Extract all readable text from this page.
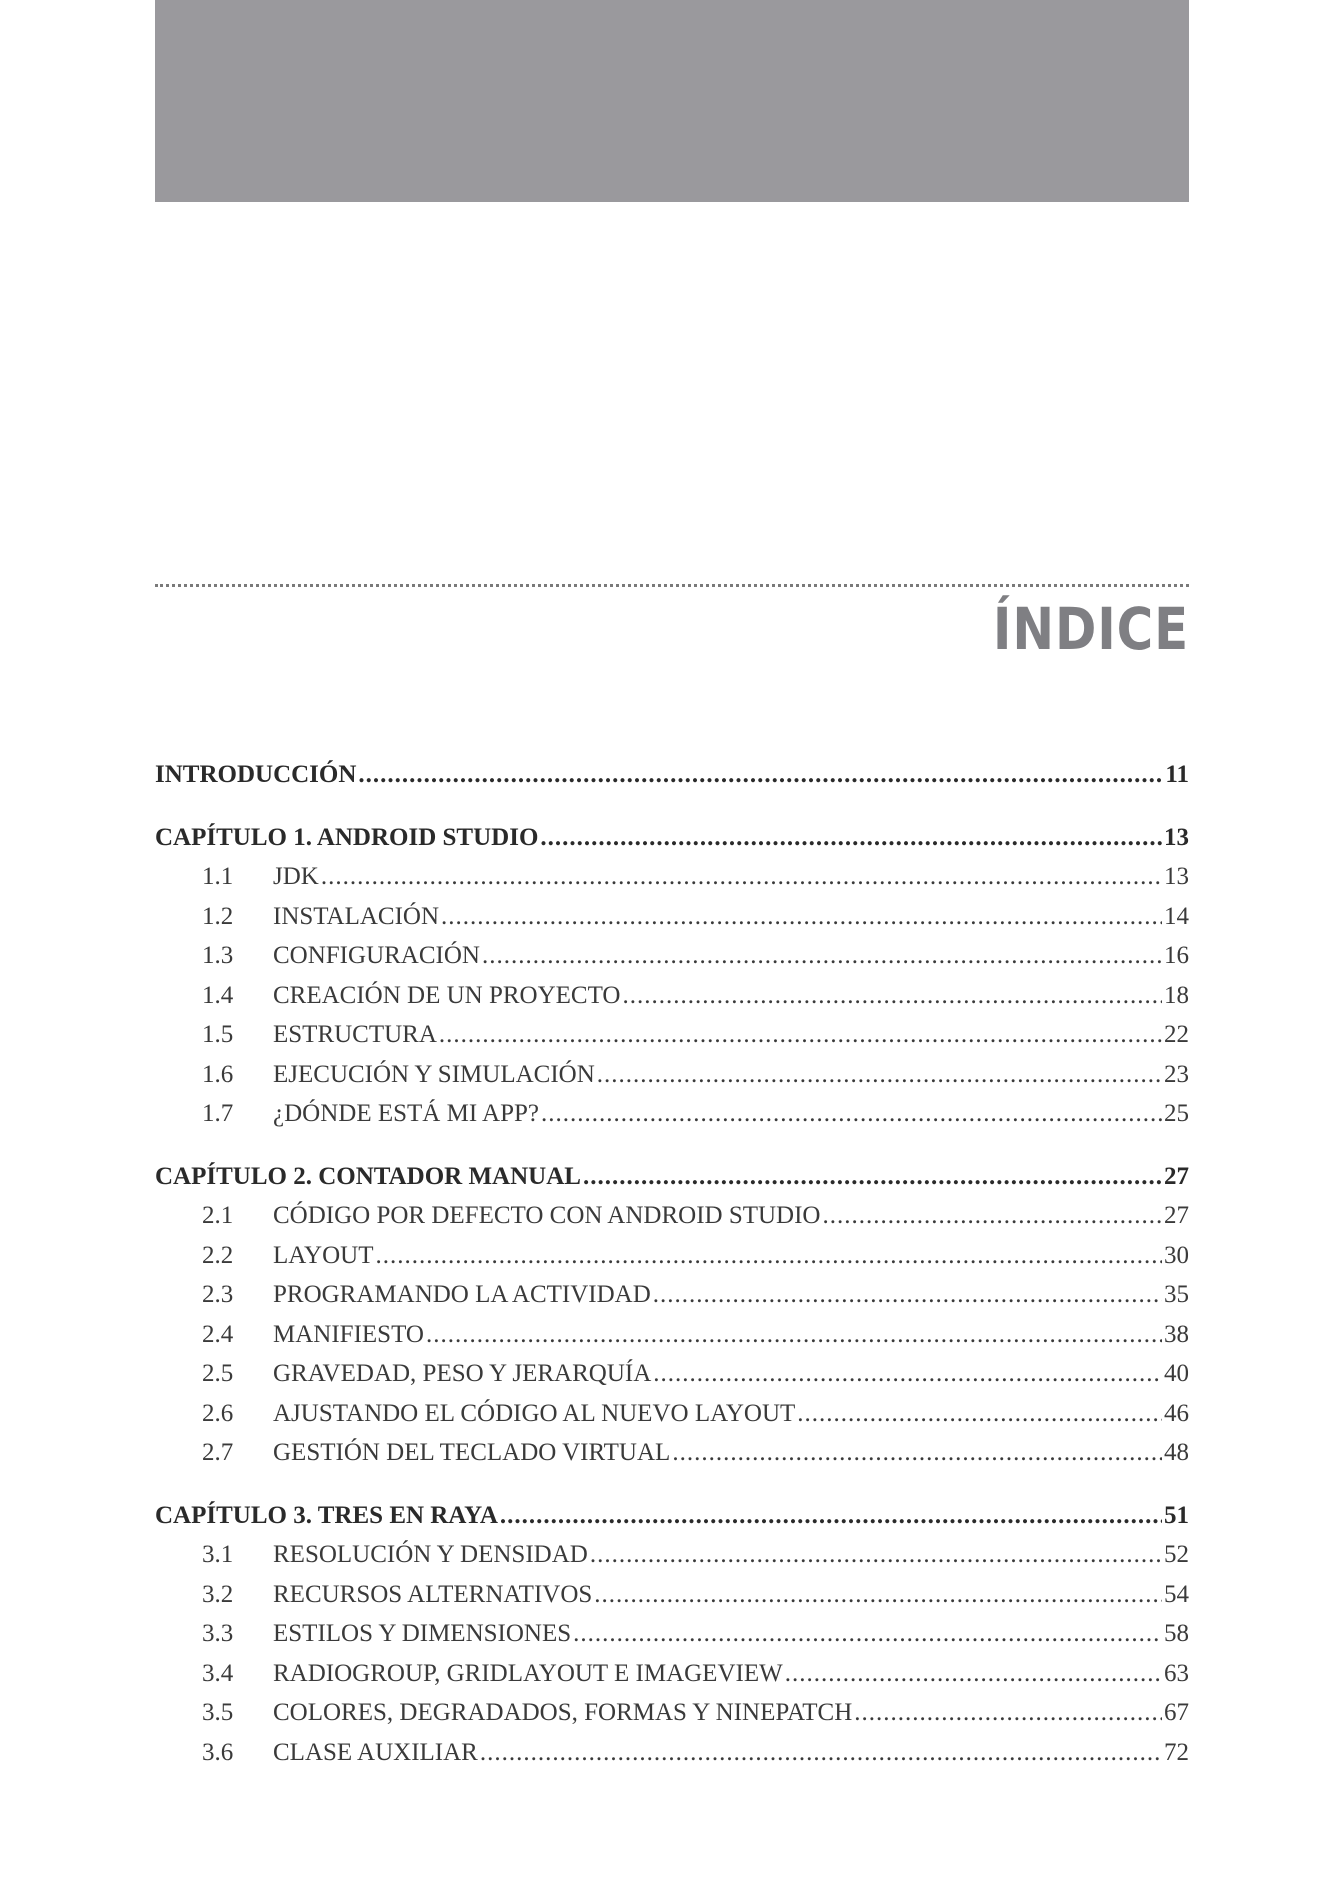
ÍNDICE
INTRODUCCIÓN .....	11
CAPÍTULO 1. ANDROID STUDIO .....	13
1.1	JDK .....	13
1.2	INSTALACIÓN .....	14
1.3	CONFIGURACIÓN .....	16
1.4	CREACIÓN DE UN PROYECTO .....	18
1.5	ESTRUCTURA .....	22
1.6	EJECUCIÓN Y SIMULACIÓN .....	23
1.7	¿DÓNDE ESTÁ MI APP? .....	25
CAPÍTULO 2. CONTADOR MANUAL .....	27
2.1	CÓDIGO POR DEFECTO CON ANDROID STUDIO .....	27
2.2	LAYOUT .....	30
2.3	PROGRAMANDO LA ACTIVIDAD .....	35
2.4	MANIFIESTO .....	38
2.5	GRAVEDAD, PESO Y JERARQUÍA .....	40
2.6	AJUSTANDO EL CÓDIGO AL NUEVO LAYOUT .....	46
2.7	GESTIÓN DEL TECLADO VIRTUAL .....	48
CAPÍTULO 3. TRES EN RAYA .....	51
3.1	RESOLUCIÓN Y DENSIDAD .....	52
3.2	RECURSOS ALTERNATIVOS .....	54
3.3	ESTILOS Y DIMENSIONES .....	58
3.4	RADIOGROUP, GRIDLAYOUT E IMAGEVIEW .....	63
3.5	COLORES, DEGRADADOS, FORMAS Y NINEPATCH .....	67
3.6	CLASE AUXILIAR .....	72
